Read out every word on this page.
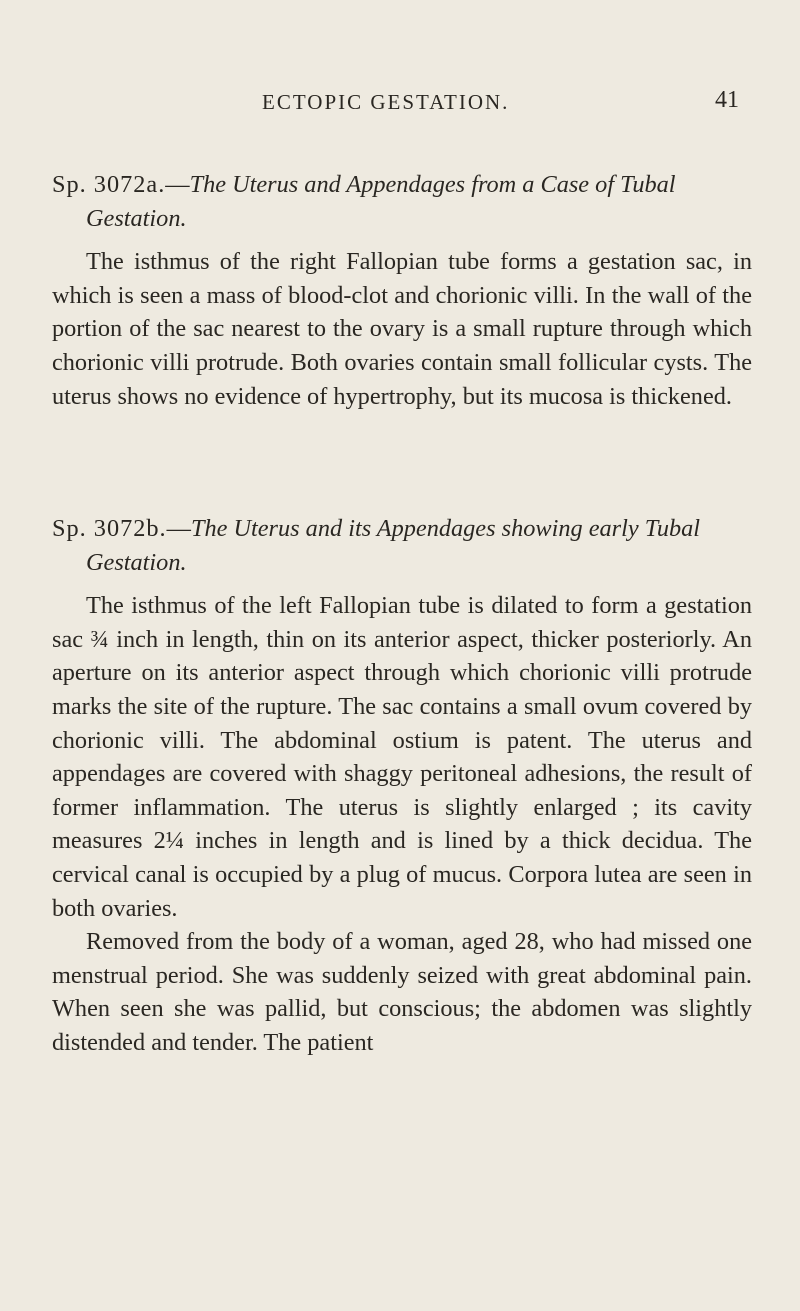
ECTOPIC GESTATION.	41

Sp. 3072a.—The Uterus and Appendages from a Case of Tubal Gestation.

The isthmus of the right Fallopian tube forms a gestation sac, in which is seen a mass of blood-clot and chorionic villi. In the wall of the portion of the sac nearest to the ovary is a small rupture through which chorionic villi protrude. Both ovaries contain small follicular cysts. The uterus shows no evidence of hypertrophy, but its mucosa is thickened.

Sp. 3072b.—The Uterus and its Appendages showing early Tubal Gestation.

The isthmus of the left Fallopian tube is dilated to form a gestation sac ¾ inch in length, thin on its anterior aspect, thicker posteriorly. An aperture on its anterior aspect through which chorionic villi protrude marks the site of the rupture. The sac contains a small ovum covered by chorionic villi. The abdominal ostium is patent. The uterus and appendages are covered with shaggy peritoneal adhesions, the result of former inflammation. The uterus is slightly enlarged ; its cavity measures 2¼ inches in length and is lined by a thick decidua. The cervical canal is occupied by a plug of mucus. Corpora lutea are seen in both ovaries.

Removed from the body of a woman, aged 28, who had missed one menstrual period. She was suddenly seized with great abdominal pain. When seen she was pallid, but conscious; the abdomen was slightly distended and tender. The patient
